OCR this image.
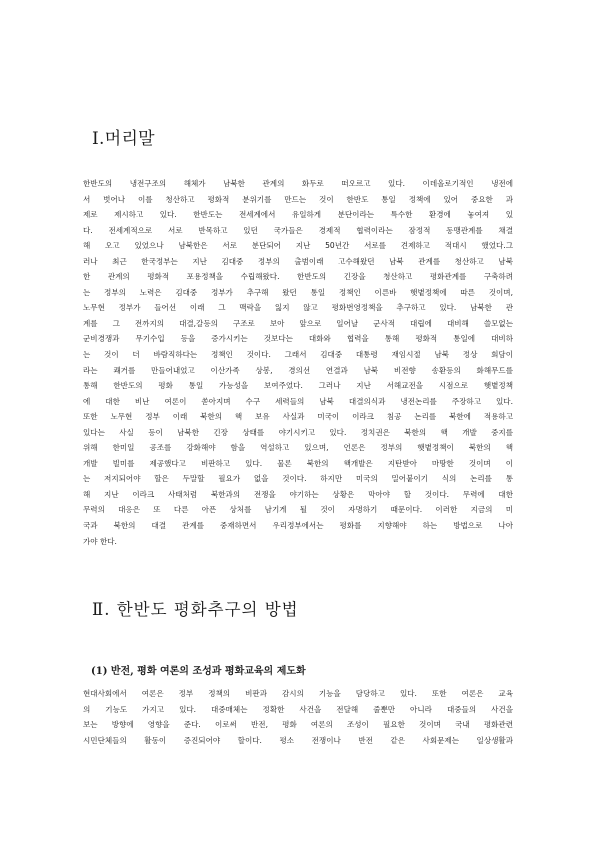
Ⅰ.머리말
한반도의 냉전구조의 해체가 남북한 관계의 화두로 떠오르고 있다. 이데올로기적인 냉전에
서 벗어나 이를 청산하고 평화적 분위기를 만드는 것이 한반도 통일 정책에 있어 중요한 과
제로 제시하고 있다. 한반도는 전세계에서 유일하게 분단이라는 특수한 환경에 놓여져 있
다. 전세계적으로 서로 반목하고 있던 국가들은 경제적 협력이라는 잠정적 동맹관계를 채결
해 오고 있었으나 남북한은 서로 분단되어 지난 50년간 서로를 견제하고 적대시 했었다.그
러나 최근 한국정부는 지난 김대중 정부의 출범이래 고수해왔던 남북 관계를 청산하고 남북
한 관계의 평화적 포용정책을 수립해왔다. 한반도의 긴장을 청산하고 평화관계를 구축하려
는 정부의 노력은 김대중 정부가 추구해 왔던 통일 정책인 이른바 햇볕정책에 따른 것이며,
노무현 정부가 들어선 이래 그 맥락을 잃지 않고 평화번영정책을 추구하고 있다. 남북한 관
계를 그 전까지의 대결,갈등의 구조로 보아 앞으로 일어날 군사적 대립에 대비해 쓸모없는
군비경쟁과 무기수입 등을 증가시키는 것보다는 대화와 협력을 통해 평화적 통일에 대비하
는 것이 더 바람직하다는 정책인 것이다. 그래서 김대중 대통령 재임시절 남북 정상 회담이
라는 쾌거를 만들어내었고 이산가족 상봉, 경의선 연결과 남북 비전향 송환등의 화해무드를
통해 한반도의 평화 통일 가능성을 보여주었다. 그러나 지난 서해교전을 시점으로 햇볕정책
에 대한 비난 여론이 쏟아지며 수구 세력들의 남북 대결의식과 냉전논리를 주장하고 있다.
또한 노무현 정부 이래 북한의 핵 보유 사실과 미국이 이라크 침공 논리를 북한에 적용하고
있다는 사실 등이 남북한 긴장 상태를 야기시키고 있다. 정치권은 북한의 핵 개발 중지를
위해 한미일 공조를 강화해야 함을 역설하고 있으며, 언론은 정부의 햇볕정책이 북한의 핵
개발 빌미를 제공했다고 비판하고 있다. 물론 북한의 핵개발은 지탄받아 마땅한 것이며 이
는 저지되어야 할은 두말할 필요가 없을 것이다. 하지만 미국의 밀어붙이기 식의 논리를 통
해 지난 이라크 사태처럼 북한과의 전쟁을 야기하는 상황은 막아야 할 것이다. 무력에 대한
무력의 대응은 또 다른 아픈 상처를 남기게 될 것이 자명하기 때문이다. 이러한 지금의 미
국과 북한의 대결 관계를 중재하면서 우리정부에서는 평화를 지향해야 하는 방법으로 나아
가야 한다.
Ⅱ. 한반도 평화추구의 방법
(1) 반전, 평화 여론의 조성과 평화교육의 제도화
현대사회에서 여론은 정부 정책의 비판과 감시의 기능을 담당하고 있다. 또한 여론은 교육
의 기능도 가지고 있다. 대중매체는 정확한 사건을 전달해 줄뿐만 아니라 대중들의 사건을
보는 방향에 영향을 준다. 이로써 반전, 평화 여론의 조성이 필요한 것이며 국내 평화관련
시민단체들의 활동이 증진되어야 할이다. 평소 전쟁이나 반전 같은 사회문제는 일상생활과
